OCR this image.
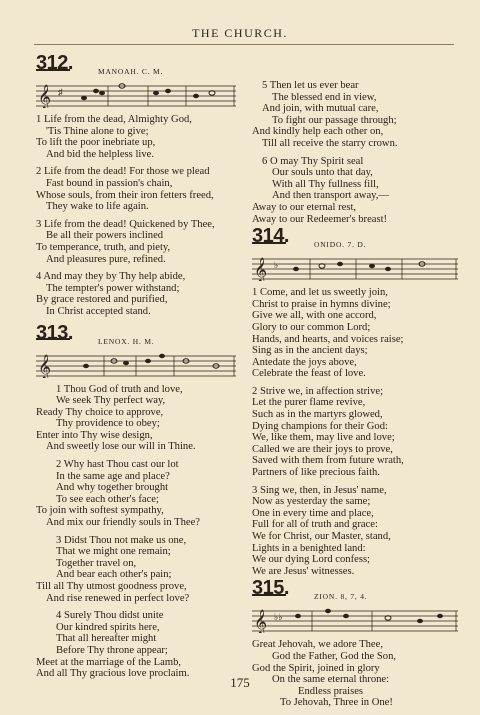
THE CHURCH.
312.	MANOAH. C. M.
𝄞 ♯
1 Life from the dead, Almighty God,
'Tis Thine alone to give;
To lift the poor inebriate up,
And bid the helpless live.
2 Life from the dead! For those we plead
Fast bound in passion's chain,
Whose souls, from their iron fetters freed,
They wake to life again.
3 Life from the dead! Quickened by Thee,
Be all their powers inclined
To temperance, truth, and piety,
And pleasures pure, refined.
4 And may they by Thy help abide,
The tempter's power withstand;
By grace restored and purified,
In Christ accepted stand.
313.	LENOX. H. M.
𝄞
1 Thou God of truth and love,
We seek Thy perfect way,
Ready Thy choice to approve,
Thy providence to obey;
Enter into Thy wise design,
And sweetly lose our will in Thine.
2 Why hast Thou cast our lot
In the same age and place?
And why together brought
To see each other's face;
To join with softest sympathy,
And mix our friendly souls in Thee?
3 Didst Thou not make us one,
That we might one remain;
Together travel on,
And bear each other's pain;
Till all Thy utmost goodness prove,
And rise renewed in perfect love?
4 Surely Thou didst unite
Our kindred spirits here,
That all hereafter might
Before Thy throne appear;
Meet at the marriage of the Lamb,
And all Thy gracious love proclaim.
5 Then let us ever bear
The blessed end in view,
And join, with mutual care,
To fight our passage through;
And kindly help each other on,
Till all receive the starry crown.
6 O may Thy Spirit seal
Our souls unto that day,
With all Thy fullness fill,
And then transport away,—
Away to our eternal rest,
Away to our Redeemer's breast!
314.	ONIDO. 7. D.
𝄞 ♭
1 Come, and let us sweetly join,
Christ to praise in hymns divine;
Give we all, with one accord,
Glory to our common Lord;
Hands, and hearts, and voices raise;
Sing as in the ancient days;
Antedate the joys above,
Celebrate the feast of love.
2 Strive we, in affection strive;
Let the purer flame revive,
Such as in the martyrs glowed,
Dying champions for their God:
We, like them, may live and love;
Called we are their joys to prove,
Saved with them from future wrath,
Partners of like precious faith.
3 Sing we, then, in Jesus' name,
Now as yesterday the same;
One in every time and place,
Full for all of truth and grace:
We for Christ, our Master, stand,
Lights in a benighted land:
We our dying Lord confess;
We are Jesus' witnesses.
315.	ZION. 8, 7, 4.
𝄞 ♭♭
Great Jehovah, we adore Thee,
God the Father, God the Son,
God the Spirit, joined in glory
On the same eternal throne:
Endless praises
To Jehovah, Three in One!
175
